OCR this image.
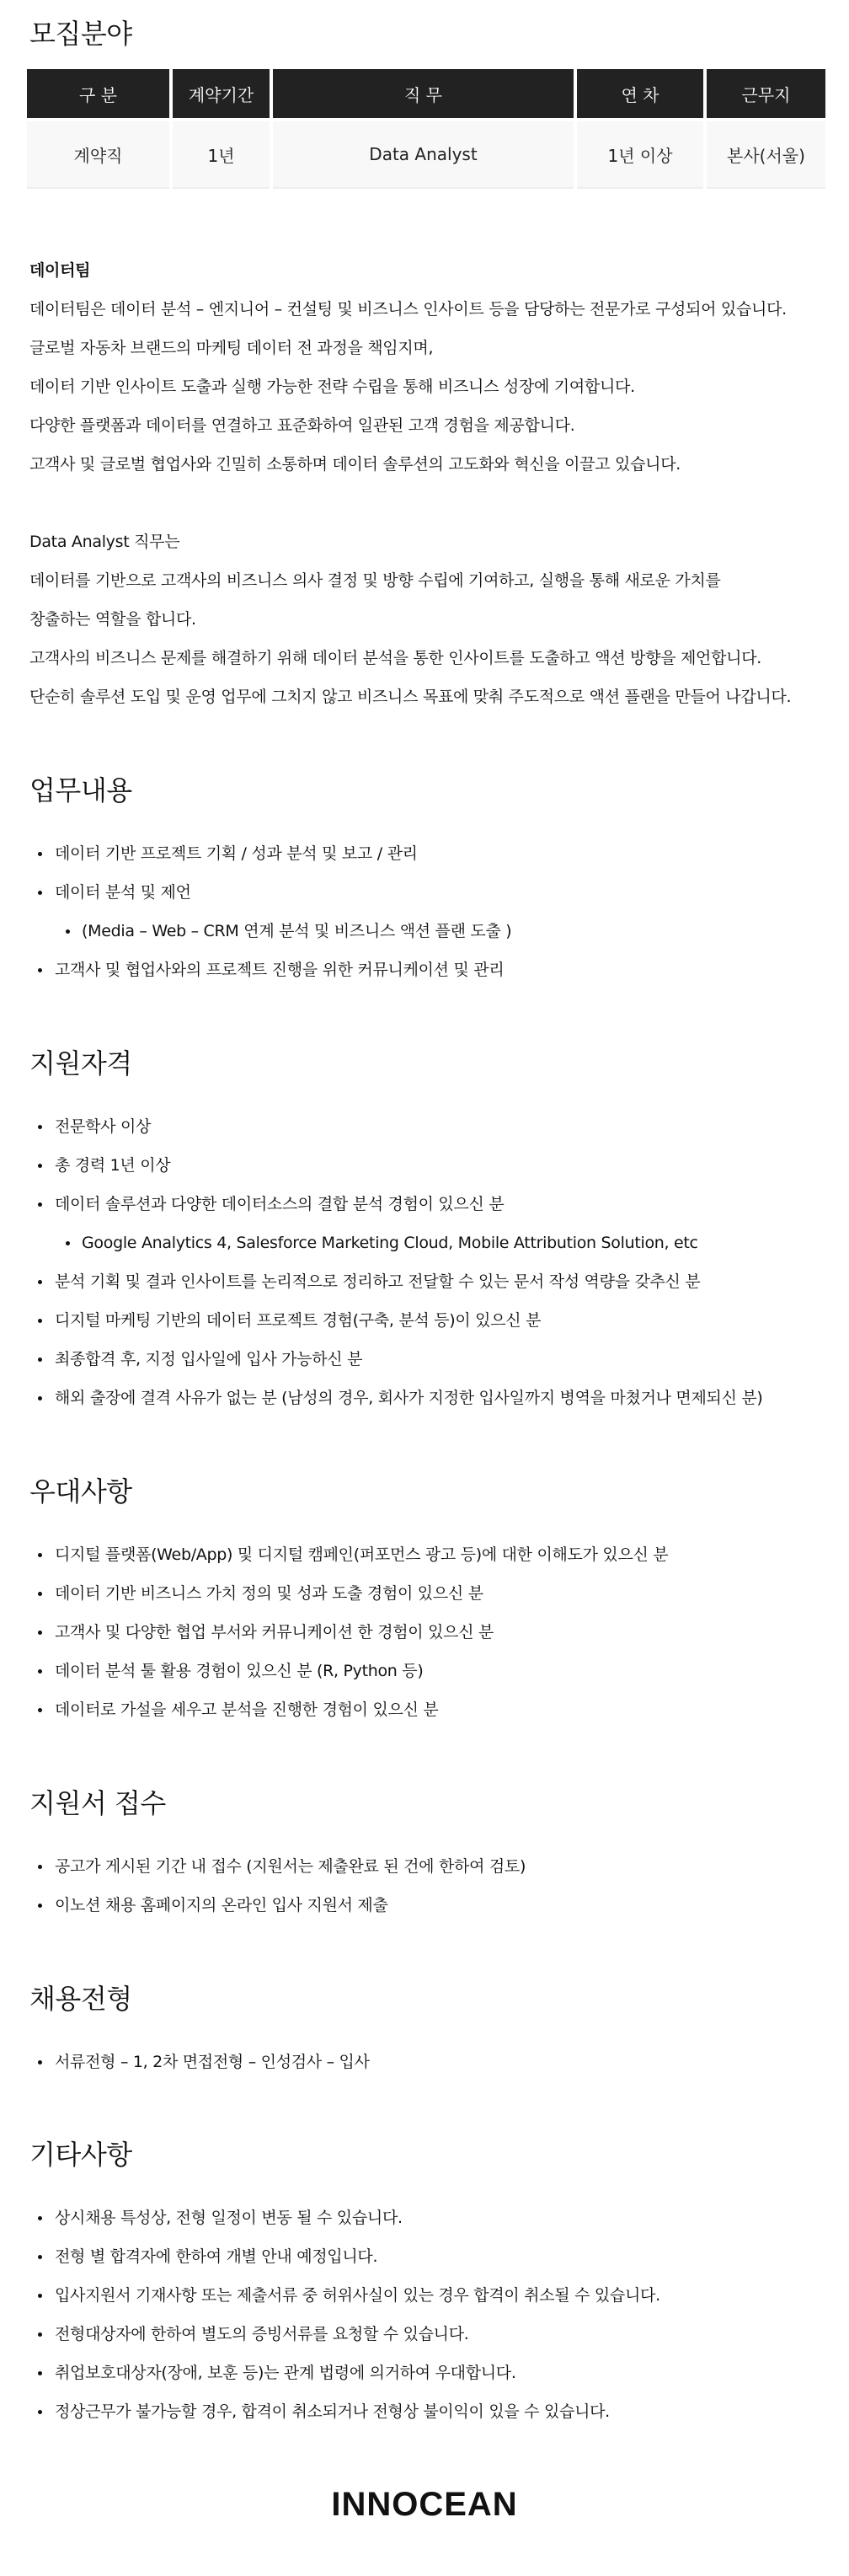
모집분야
구 분	계약기간	직 무	연 차	근무지
계약직	1년	Data Analyst	1년 이상	본사(서울)
데이터팀
데이터팀은 데이터 분석 – 엔지니어 – 컨설팅 및 비즈니스 인사이트 등을 담당하는 전문가로 구성되어 있습니다.
글로벌 자동차 브랜드의 마케팅 데이터 전 과정을 책임지며,
데이터 기반 인사이트 도출과 실행 가능한 전략 수립을 통해 비즈니스 성장에 기여합니다.
다양한 플랫폼과 데이터를 연결하고 표준화하여 일관된 고객 경험을 제공합니다.
고객사 및 글로벌 협업사와 긴밀히 소통하며 데이터 솔루션의 고도화와 혁신을 이끌고 있습니다.
Data Analyst 직무는
데이터를 기반으로 고객사의 비즈니스 의사 결정 및 방향 수립에 기여하고, 실행을 통해 새로운 가치를
창출하는 역할을 합니다.
고객사의 비즈니스 문제를 해결하기 위해 데이터 분석을 통한 인사이트를 도출하고 액션 방향을 제언합니다.
단순히 솔루션 도입 및 운영 업무에 그치지 않고 비즈니스 목표에 맞춰 주도적으로 액션 플랜을 만들어 나갑니다.
업무내용
데이터 기반 프로젝트 기획 / 성과 분석 및 보고 / 관리
데이터 분석 및 제언
(Media – Web – CRM 연계 분석 및 비즈니스 액션 플랜 도출 )
고객사 및 협업사와의 프로젝트 진행을 위한 커뮤니케이션 및 관리
지원자격
전문학사 이상
총 경력 1년 이상
데이터 솔루션과 다양한 데이터소스의 결합 분석 경험이 있으신 분
Google Analytics 4, Salesforce Marketing Cloud, Mobile Attribution Solution, etc
분석 기획 및 결과 인사이트를 논리적으로 정리하고 전달할 수 있는 문서 작성 역량을 갖추신 분
디지털 마케팅 기반의 데이터 프로젝트 경험(구축, 분석 등)이 있으신 분
최종합격 후, 지정 입사일에 입사 가능하신 분
해외 출장에 결격 사유가 없는 분 (남성의 경우, 회사가 지정한 입사일까지 병역을 마쳤거나 면제되신 분)
우대사항
디지털 플랫폼(Web/App) 및 디지털 캠페인(퍼포먼스 광고 등)에 대한 이해도가 있으신 분
데이터 기반 비즈니스 가치 정의 및 성과 도출 경험이 있으신 분
고객사 및 다양한 협업 부서와 커뮤니케이션 한 경험이 있으신 분
데이터 분석 툴 활용 경험이 있으신 분 (R, Python 등)
데이터로 가설을 세우고 분석을 진행한 경험이 있으신 분
지원서 접수
공고가 게시된 기간 내 접수 (지원서는 제출완료 된 건에 한하여 검토)
이노션 채용 홈페이지의 온라인 입사 지원서 제출
채용전형
서류전형 – 1, 2차 면접전형 – 인성검사 – 입사
기타사항
상시채용 특성상, 전형 일정이 변동 될 수 있습니다.
전형 별 합격자에 한하여 개별 안내 예정입니다.
입사지원서 기재사항 또는 제출서류 중 허위사실이 있는 경우 합격이 취소될 수 있습니다.
전형대상자에 한하여 별도의 증빙서류를 요청할 수 있습니다.
취업보호대상자(장애, 보훈 등)는 관계 법령에 의거하여 우대합니다.
정상근무가 불가능할 경우, 합격이 취소되거나 전형상 불이익이 있을 수 있습니다.
INNOCEAN
